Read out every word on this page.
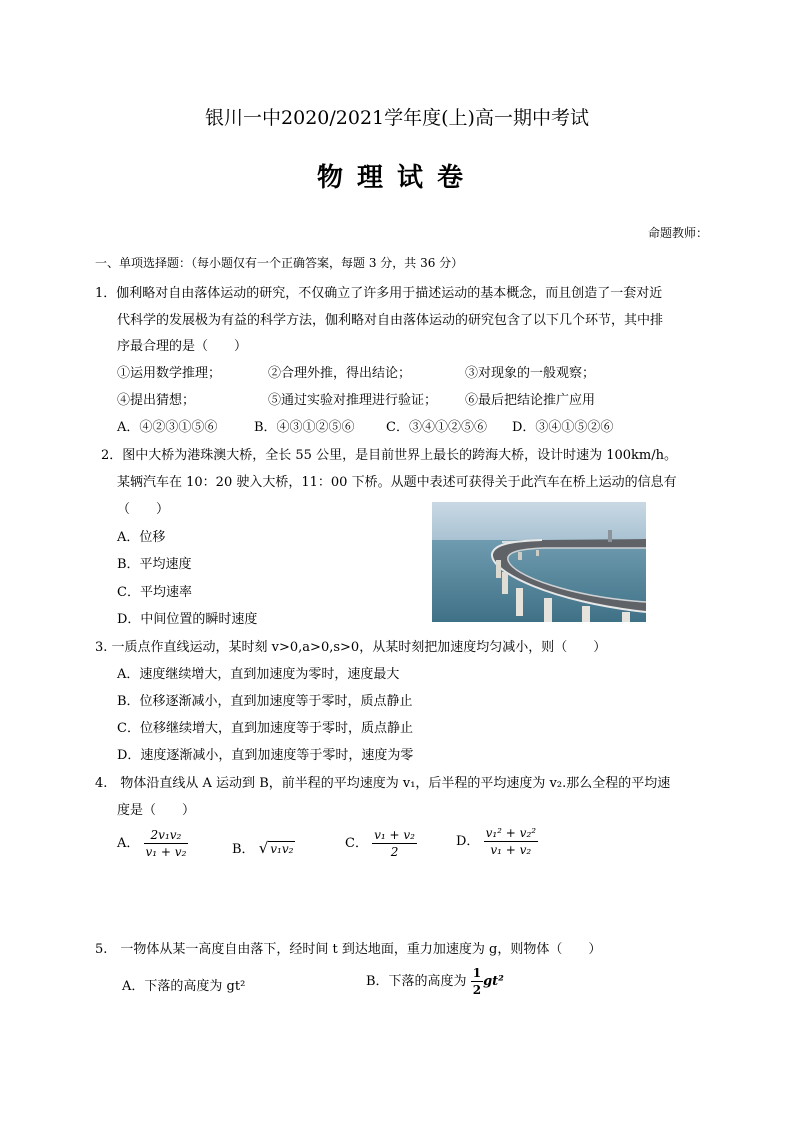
银川一中2020/2021学年度(上)高一期中考试
物理试卷
命题教师：
一、单项选择题：（每小题仅有一个正确答案，每题 3 分，共 36 分）
1．伽利略对自由落体运动的研究，不仅确立了许多用于描述运动的基本概念，而且创造了一套对近
代科学的发展极为有益的科学方法，伽利略对自由落体运动的研究包含了以下几个环节，其中排
序最合理的是（　　）
①运用数学推理；	②合理外推，得出结论；	③对现象的一般观察；
④提出猜想；	⑤通过实验对推理进行验证； ⑥最后把结论推广应用
A．④②③①⑤⑥	B．④③①②⑤⑥ C．③④①②⑤⑥ D．③④①⑤②⑥
2．图中大桥为港珠澳大桥，全长 55 公里，是目前世界上最长的跨海大桥，设计时速为 100km/h。
某辆汽车在 10：20 驶入大桥，11：00 下桥。从题中表述可获得关于此汽车在桥上运动的信息有
（　　）
A．位移
B．平均速度
C．平均速率
D．中间位置的瞬时速度
3. 一质点作直线运动，某时刻 v>0,a>0,s>0，从某时刻把加速度均匀减小，则（　　）
A．速度继续增大，直到加速度为零时，速度最大
B．位移逐渐减小，直到加速度等于零时，质点静止
C．位移继续增大，直到加速度等于零时，质点静止
D．速度逐渐减小，直到加速度等于零时，速度为零
4.　物体沿直线从 A 运动到 B，前半程的平均速度为 v₁，后半程的平均速度为 v₂.那么全程的平均速
度是（　　）
A． $\frac{\text{2v₁v₂}}{\text{v₁ + v₂}}$	B． √ v₁v₂	C． $\frac{\text{v₁ + v₂}}{2}$	D． $\frac{\text{v₁² + v₂²}}{\text{v₁ + v₂}}$
5.　一物体从某一高度自由落下，经时间 t 到达地面，重力加速度为 g，则物体（　　）
A．下落的高度为 gt²	B．下落的高度为 $\frac{1}{2} gt^2$
